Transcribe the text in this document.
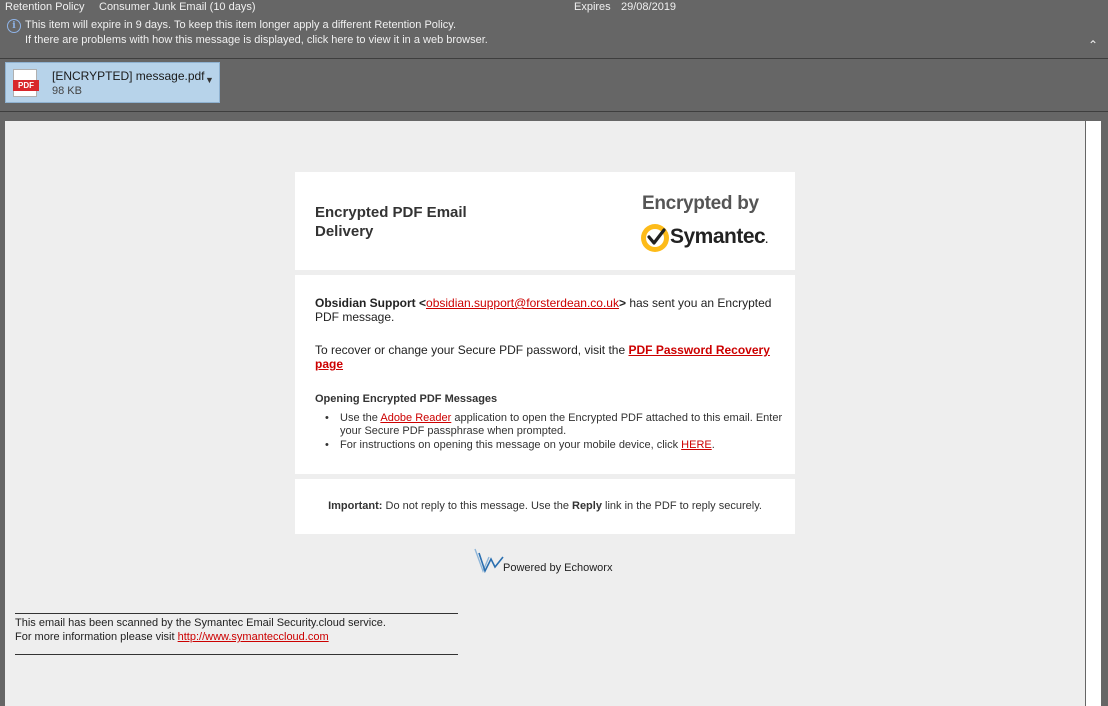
Retention Policy Consumer Junk Email (10 days)	Expires 29/08/2019
i This item will expire in 9 days. To keep this item longer apply a different Retention Policy.
If there are problems with how this message is displayed, click here to view it in a web browser.	⌃
PDF
[ENCRYPTED] message.pdf
98 KB
▼
Encrypted PDF Email Delivery
Encrypted by
Symantec.
Obsidian Support <obsidian.support@forsterdean.co.uk> has sent you an Encrypted PDF message.
To recover or change your Secure PDF password, visit the PDF Password Recovery page
Opening Encrypted PDF Messages
• Use the Adobe Reader application to open the Encrypted PDF attached to this email. Enter your Secure PDF passphrase when prompted.
• For instructions on opening this message on your mobile device, click HERE.
Important: Do not reply to this message. Use the Reply link in the PDF to reply securely.
Powered by Echoworx
This email has been scanned by the Symantec Email Security.cloud service.
For more information please visit http://www.symanteccloud.com
